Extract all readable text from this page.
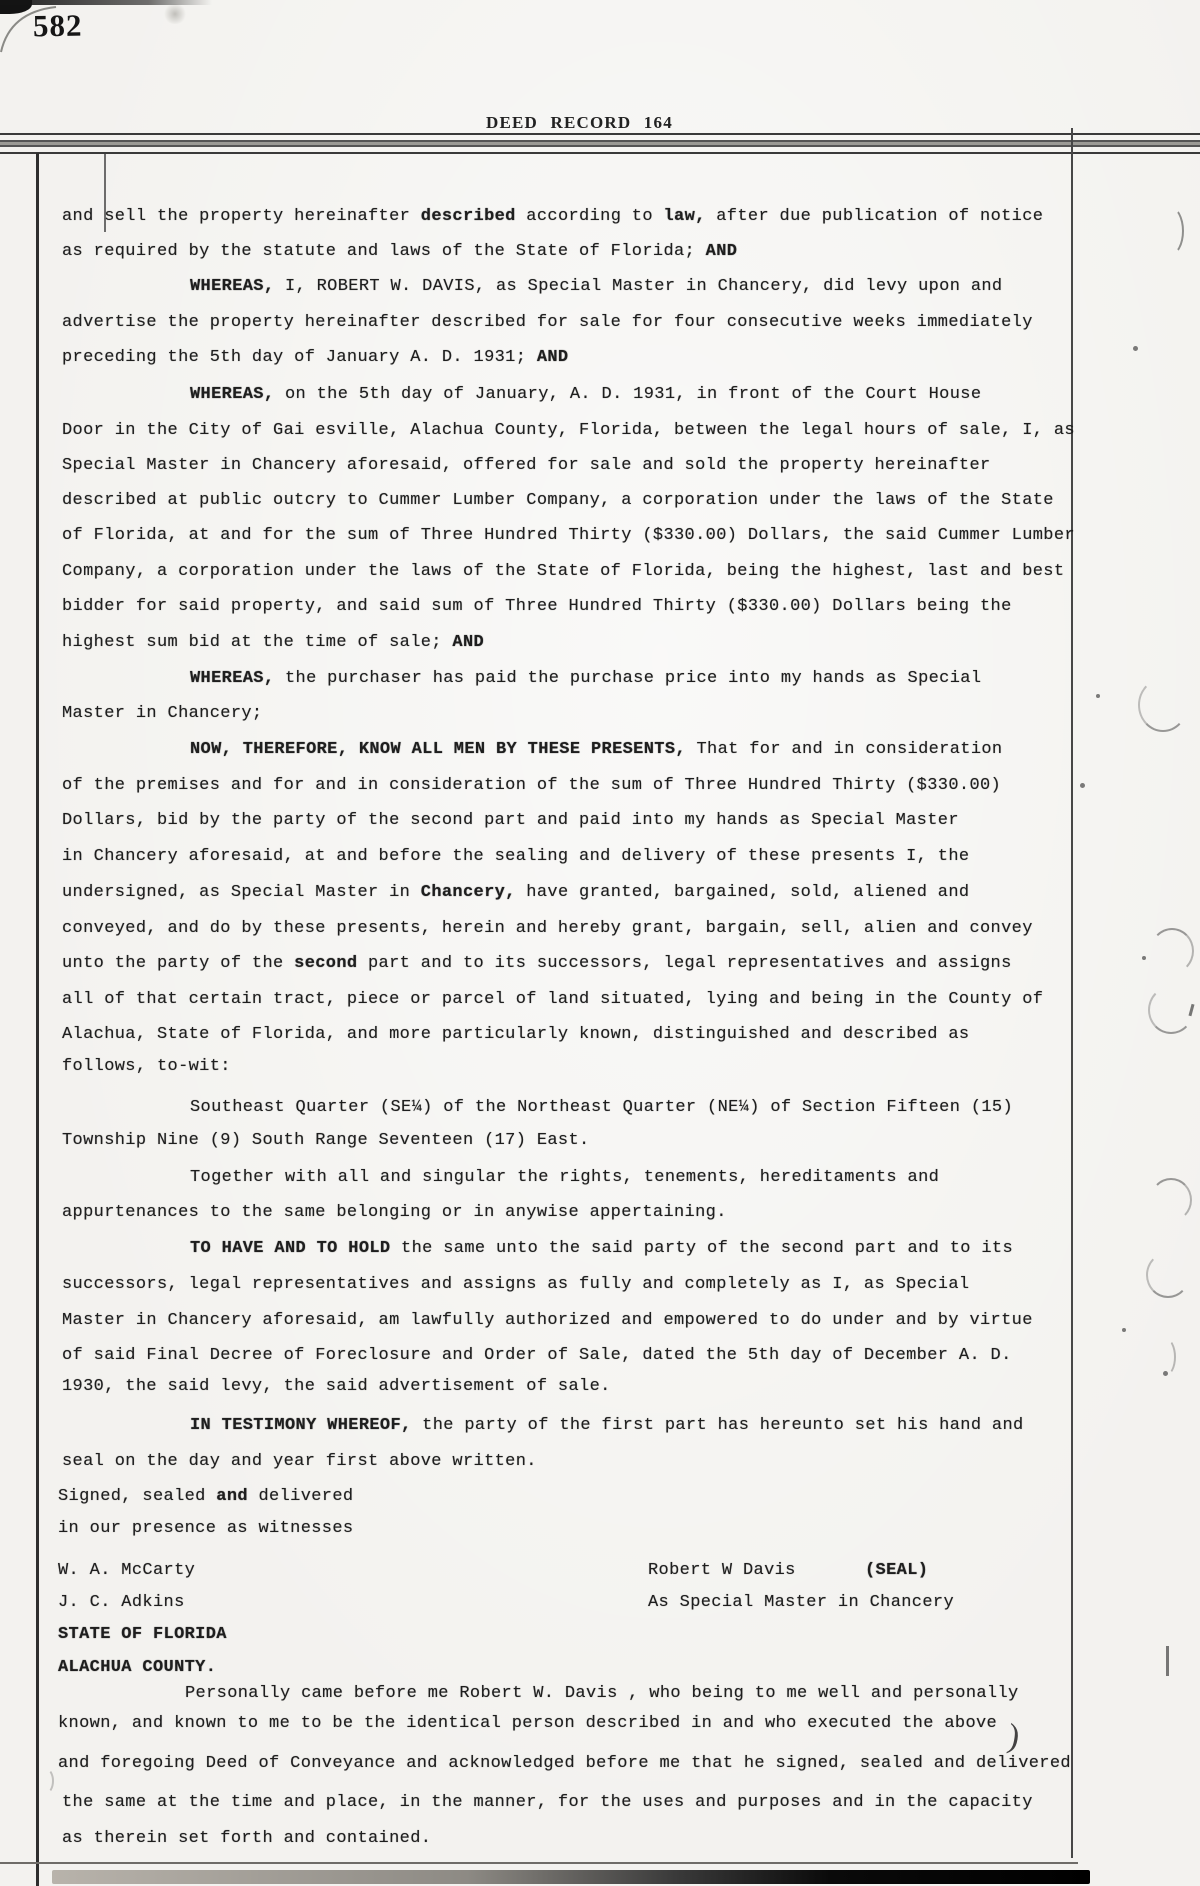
582
DEED RECORD 164
and sell the property hereinafter described according to law, after due publication of notice
as required by the statute and laws of the State of Florida; AND
WHEREAS, I, ROBERT W. DAVIS, as Special Master in Chancery, did levy upon and
advertise the property hereinafter described for sale for four consecutive weeks immediately
preceding the 5th day of January A. D. 1931; AND
WHEREAS, on the 5th day of January, A. D. 1931, in front of the Court House
Door in the City of Gai esville, Alachua County, Florida, between the legal hours of sale, I, as
Special Master in Chancery aforesaid, offered for sale and sold the property hereinafter
described at public outcry to Cummer Lumber Company, a corporation under the laws of the State
of Florida, at and for the sum of Three Hundred Thirty ($330.00) Dollars, the said Cummer Lumber
Company, a corporation under the laws of the State of Florida, being the highest, last and best
bidder for said property, and said sum of Three Hundred Thirty ($330.00) Dollars being the
highest sum bid at the time of sale; AND
WHEREAS, the purchaser has paid the purchase price into my hands as Special
Master in Chancery;
NOW, THEREFORE, KNOW ALL MEN BY THESE PRESENTS, That for and in consideration
of the premises and for and in consideration of the sum of Three Hundred Thirty ($330.00)
Dollars, bid by the party of the second part and paid into my hands as Special Master
in Chancery aforesaid, at and before the sealing and delivery of these presents I, the
undersigned, as Special Master in Chancery, have granted, bargained, sold, aliened and
conveyed, and do by these presents, herein and hereby grant, bargain, sell, alien and convey
unto the party of the second part and to its successors, legal representatives and assigns
all of that certain tract, piece or parcel of land situated, lying and being in the County of
Alachua, State of Florida, and more particularly known, distinguished and described as
follows, to-wit:
Southeast Quarter (SE¼) of the Northeast Quarter (NE¼) of Section Fifteen (15)
Township Nine (9) South Range Seventeen (17) East.
Together with all and singular the rights, tenements, hereditaments and
appurtenances to the same belonging or in anywise appertaining.
TO HAVE AND TO HOLD the same unto the said party of the second part and to its
successors, legal representatives and assigns as fully and completely as I, as Special
Master in Chancery aforesaid, am lawfully authorized and empowered to do under and by virtue
of said Final Decree of Foreclosure and Order of Sale, dated the 5th day of December A. D.
1930, the said levy, the said advertisement of sale.
IN TESTIMONY WHEREOF, the party of the first part has hereunto set his hand and
seal on the day and year first above written.
Signed, sealed and delivered
in our presence as witnesses
STATE OF FLORIDA
ALACHUA COUNTY.
Personally came before me Robert W. Davis , who being to me well and personally
known, and known to me to be the identical person described in and who executed the above
and foregoing Deed of Conveyance and acknowledged before me that he signed, sealed and delivered
the same at the time and place, in the manner, for the uses and purposes and in the capacity
as therein set forth and contained.
W. A. McCarty	Robert W Davis	(SEAL)
J. C. Adkins	As Special Master in Chancery
)
